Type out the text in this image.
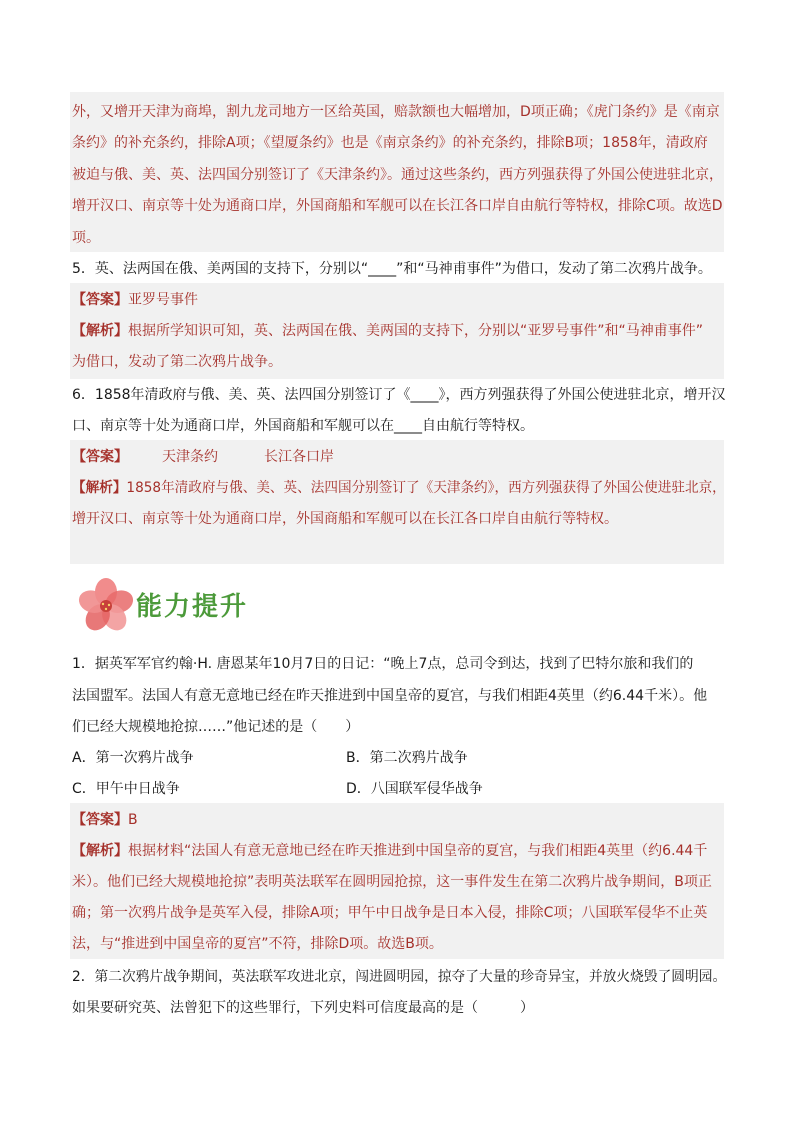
外，又增开天津为商埠，割九龙司地方一区给英国，赔款额也大幅增加，D项正确；《虎门条约》是《南京
条约》的补充条约，排除A项；《望厦条约》也是《南京条约》的补充条约，排除B项；1858年，清政府
被迫与俄、美、英、法四国分别签订了《天津条约》。通过这些条约，西方列强获得了外国公使进驻北京，
增开汉口、南京等十处为通商口岸，外国商船和军舰可以在长江各口岸自由航行等特权，排除C项。故选D
项。
5．英、法两国在俄、美两国的支持下，分别以“____”和“马神甫事件”为借口，发动了第二次鸦片战争。
【答案】亚罗号事件
【解析】根据所学知识可知，英、法两国在俄、美两国的支持下，分别以“亚罗号事件”和“马神甫事件”
为借口，发动了第二次鸦片战争。
6．1858年清政府与俄、美、英、法四国分别签订了《____》，西方列强获得了外国公使进驻北京，增开汉
口、南京等十处为通商口岸，外国商船和军舰可以在____自由航行等特权。
【答案】 天津条约	长江各口岸
【解析】1858年清政府与俄、美、英、法四国分别签订了《天津条约》，西方列强获得了外国公使进驻北京，
增开汉口、南京等十处为通商口岸，外国商船和军舰可以在长江各口岸自由航行等特权。
能力提升
1．据英军军官约翰·H. 唐恩某年10月7日的日记：“晚上7点，总司令到达，找到了巴特尔旅和我们的
法国盟军。法国人有意无意地已经在昨天推进到中国皇帝的夏宫，与我们相距4英里（约6.44千米）。他
们已经大规模地抢掠……”他记述的是（　　）
A．第一次鸦片战争	B．第二次鸦片战争
C．甲午中日战争	D．八国联军侵华战争
【答案】B
【解析】根据材料“法国人有意无意地已经在昨天推进到中国皇帝的夏宫，与我们相距4英里（约6.44千
米）。他们已经大规模地抢掠”表明英法联军在圆明园抢掠，这一事件发生在第二次鸦片战争期间，B项正
确；第一次鸦片战争是英军入侵，排除A项；甲午中日战争是日本入侵，排除C项；八国联军侵华不止英
法，与“推进到中国皇帝的夏宫”不符，排除D项。故选B项。
2．第二次鸦片战争期间，英法联军攻进北京，闯进圆明园，掠夺了大量的珍奇异宝，并放火烧毁了圆明园。
如果要研究英、法曾犯下的这些罪行，下列史料可信度最高的是（　　　）
